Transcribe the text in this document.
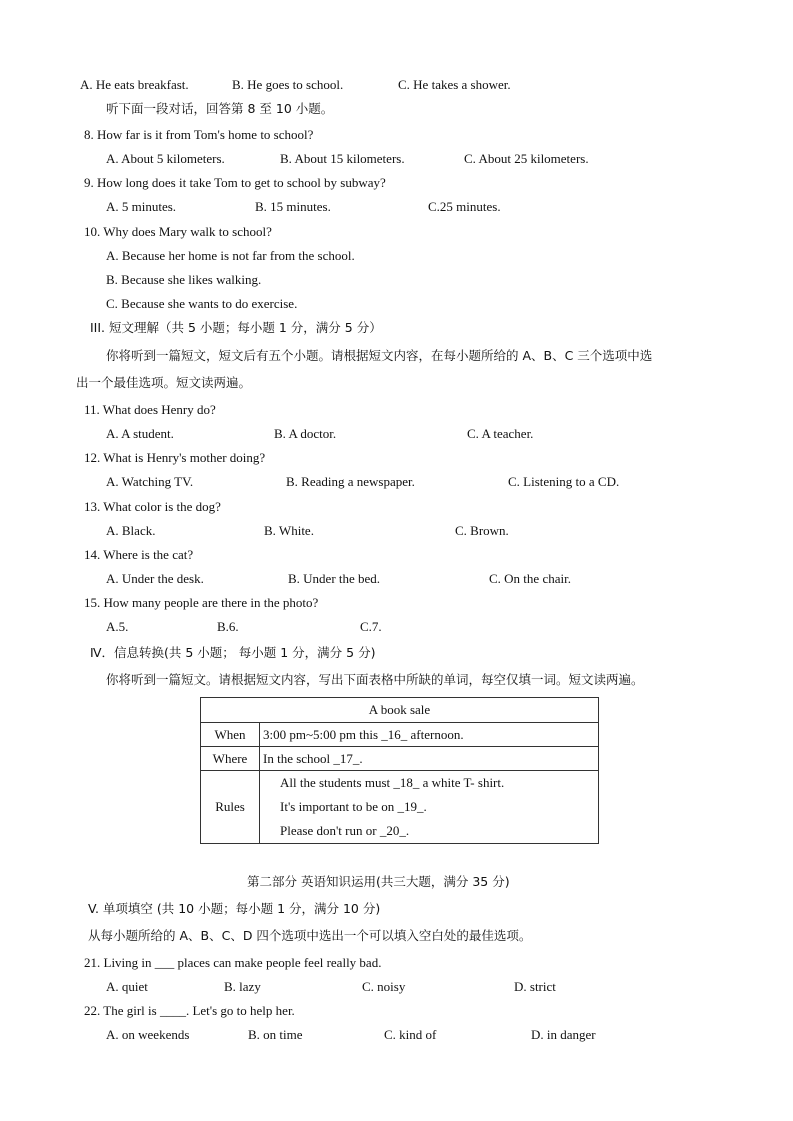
A. He eats breakfast.	B. He goes to school.	C. He takes a shower.
听下面一段对话，回答第 8 至 10 小题。
8. How far is it from Tom's home to school?
A. About 5 kilometers.	B. About 15 kilometers.	C. About 25 kilometers.
9. How long does it take Tom to get to school by subway?
A. 5 minutes.	B. 15 minutes.	C.25 minutes.
10. Why does Mary walk to school?
A. Because her home is not far from the school.
B. Because she likes walking.
C. Because she wants to do exercise.
III. 短文理解（共 5 小题；每小题 1 分，满分 5 分）
你将听到一篇短文，短文后有五个小题。请根据短文内容，在每小题所给的 A、B、C 三个选项中选
出一个最佳选项。短文读两遍。
11. What does Henry do?
A. A student.	B. A doctor.	C. A teacher.
12. What is Henry's mother doing?
A. Watching TV.	B. Reading a newspaper.	C. Listening to a CD.
13. What color is the dog?
A. Black.	B. White.	C. Brown.
14. Where is the cat?
A. Under the desk.	B. Under the bed.	C. On the chair.
15. How many people are there in the photo?
A.5.	B.6.	C.7.
Ⅳ．信息转换(共 5 小题； 每小题 1 分，满分 5 分)
你将听到一篇短文。请根据短文内容，写出下面表格中所缺的单词，每空仅填一词。短文读两遍。
A book sale	
When	3:00 pm~5:00 pm this _16_ afternoon.
Where	In the school _17_.
Rules	All the students must _18_ a white T- shirt.
It's important to be on _19_.
Please don't run or _20_.
第二部分 英语知识运用(共三大题，满分 35 分)
V. 单项填空 (共 10 小题；每小题 1 分，满分 10 分)
从每小题所给的 A、B、C、D 四个选项中选出一个可以填入空白处的最佳选项。
21. Living in ___ places can make people feel really bad.
A. quiet	B. lazy	C. noisy	D. strict
22. The girl is ____. Let's go to help her.
A. on weekends	B. on time	C. kind of	D. in danger
